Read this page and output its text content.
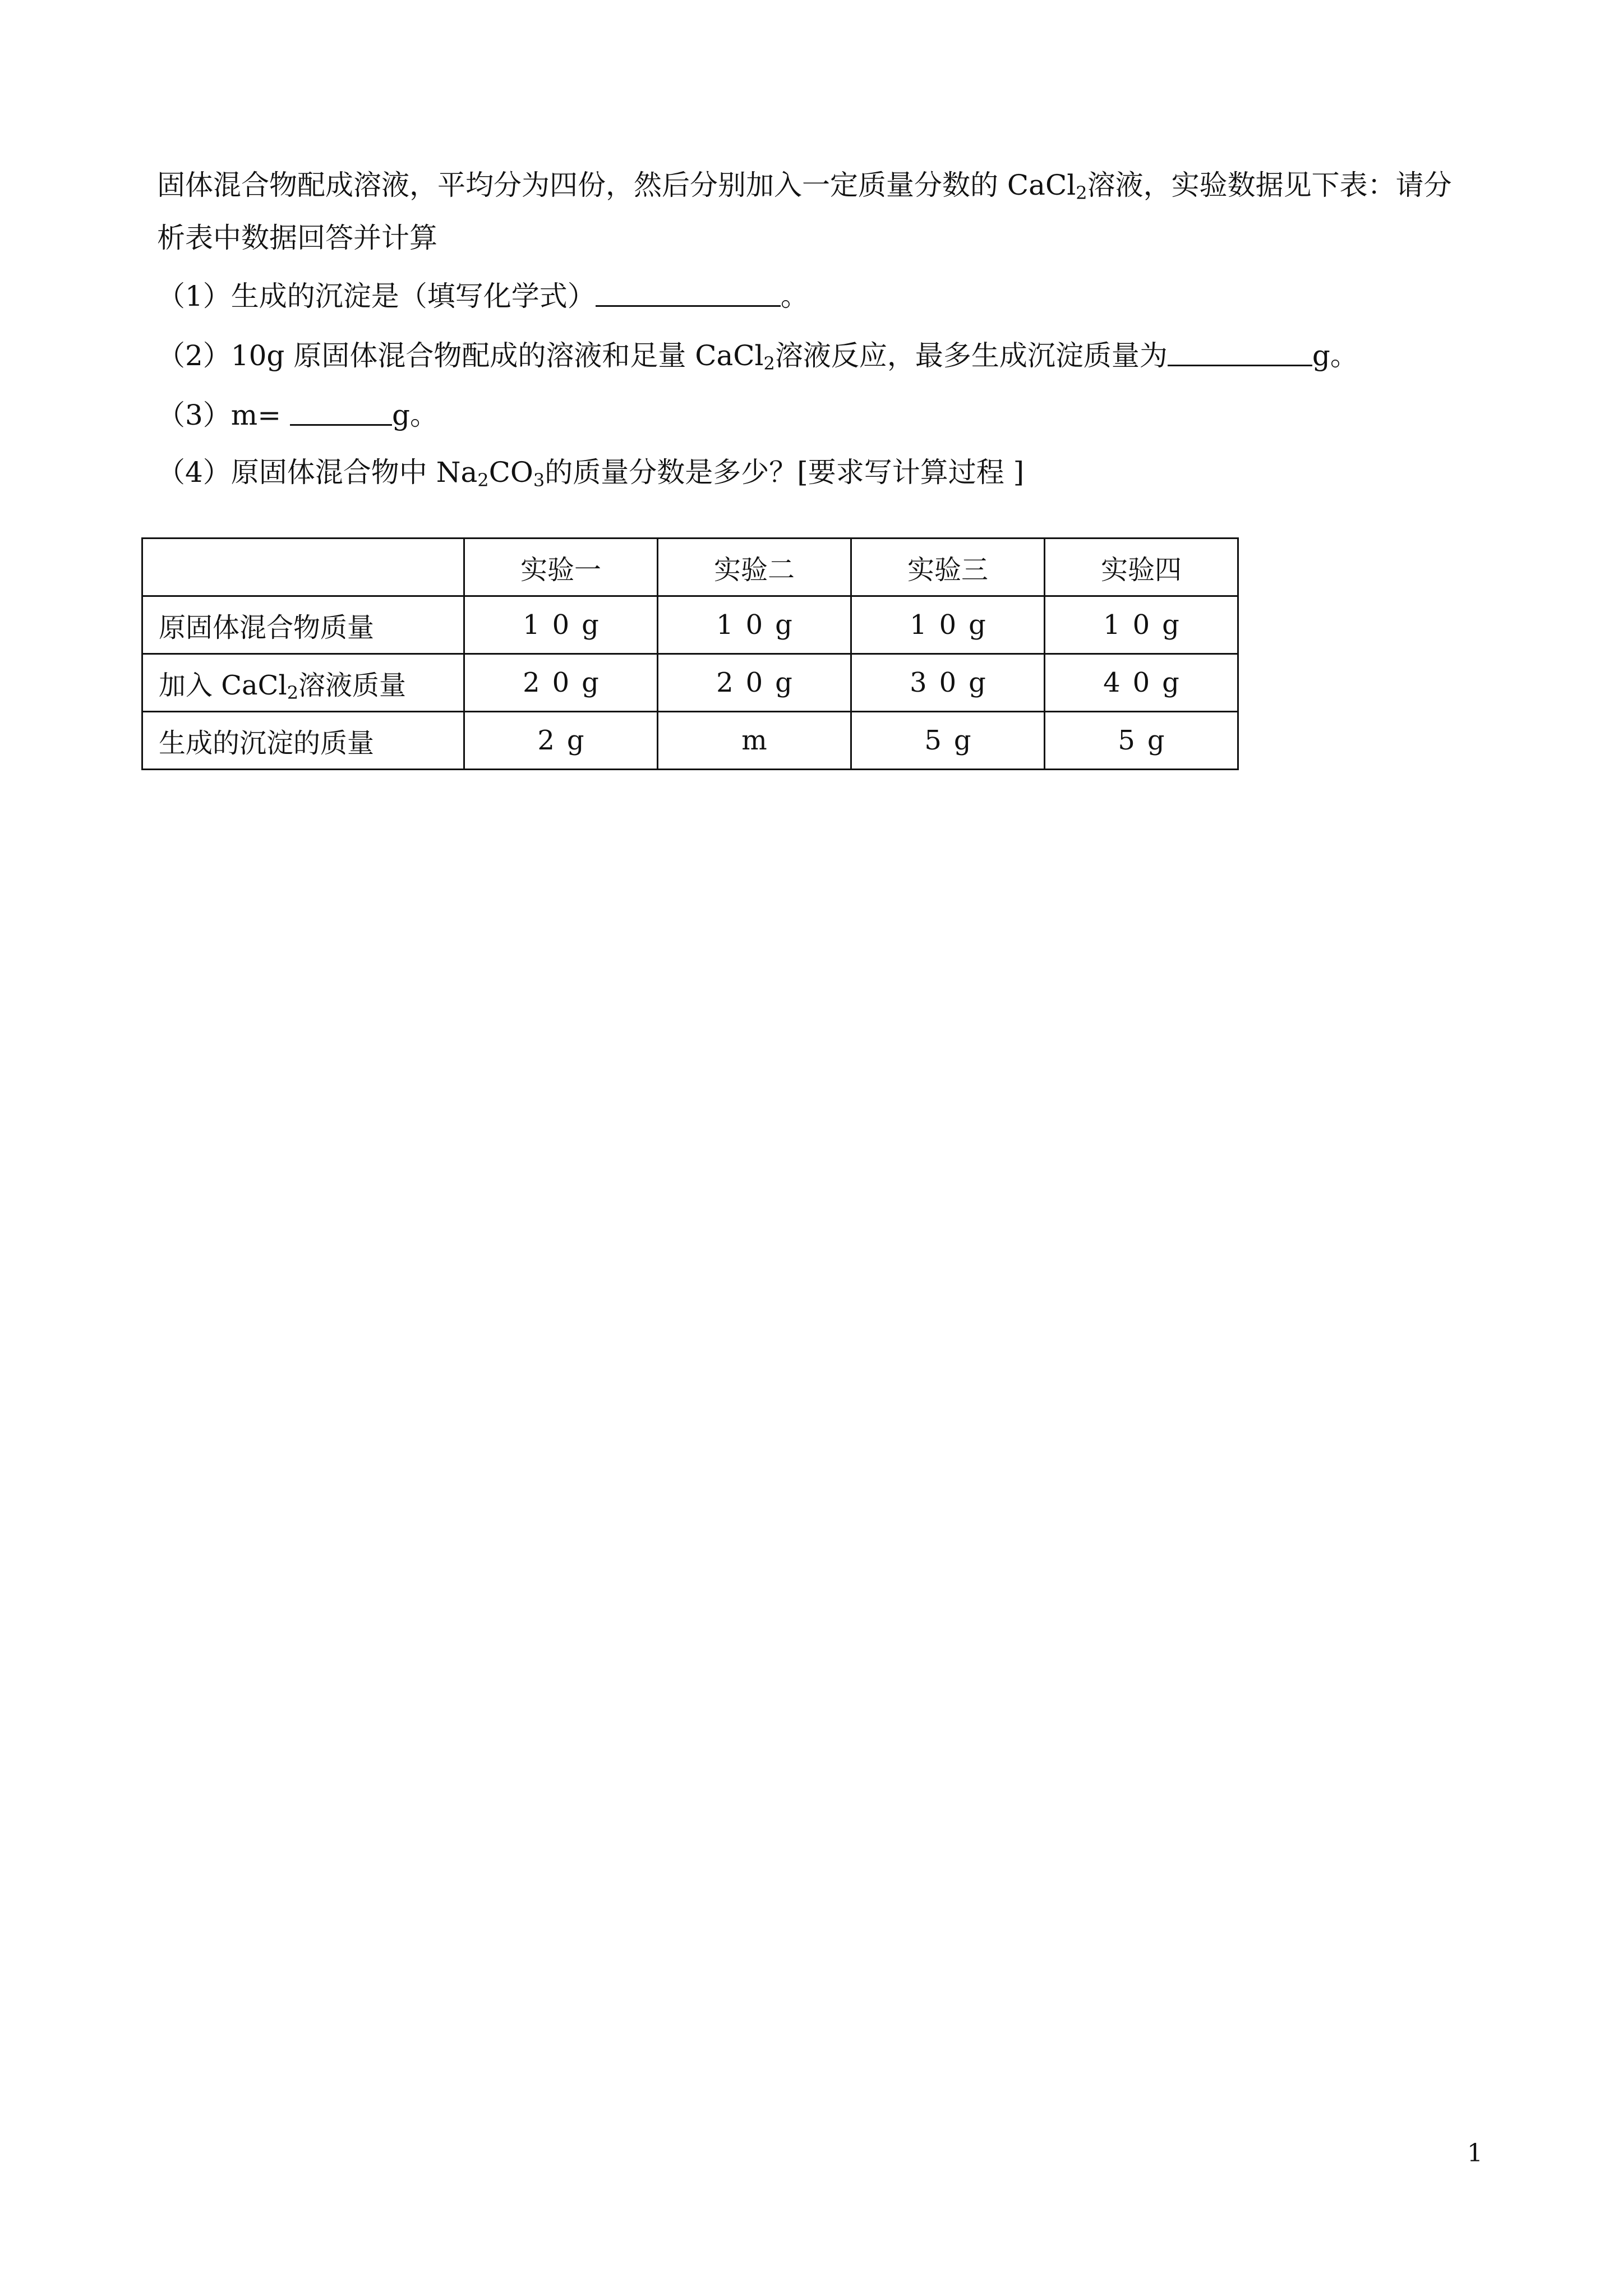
固体混合物配成溶液，平均分为四份，然后分别加入一定质量分数的 CaCl$_2$溶液，实验数据见下表：请分
析表中数据回答并计算
（1）生成的沉淀是（填写化学式）	。
（2）10g 原固体混合物配成的溶液和足量 CaCl$_2$溶液反应，最多生成沉淀质量为	g。
（3）m=	g。
（4）原固体混合物中 $Na_2CO_3$的质量分数是多少？[要求写计算过程 ]
	实验一	实验二	实验三	实验四
原固体混合物质量	10g	10g	10g	10g
加入 CaCl$_2$溶液质量	20g	20g	30g	40g
生成的沉淀的质量	2g	m	5g	5g
1
